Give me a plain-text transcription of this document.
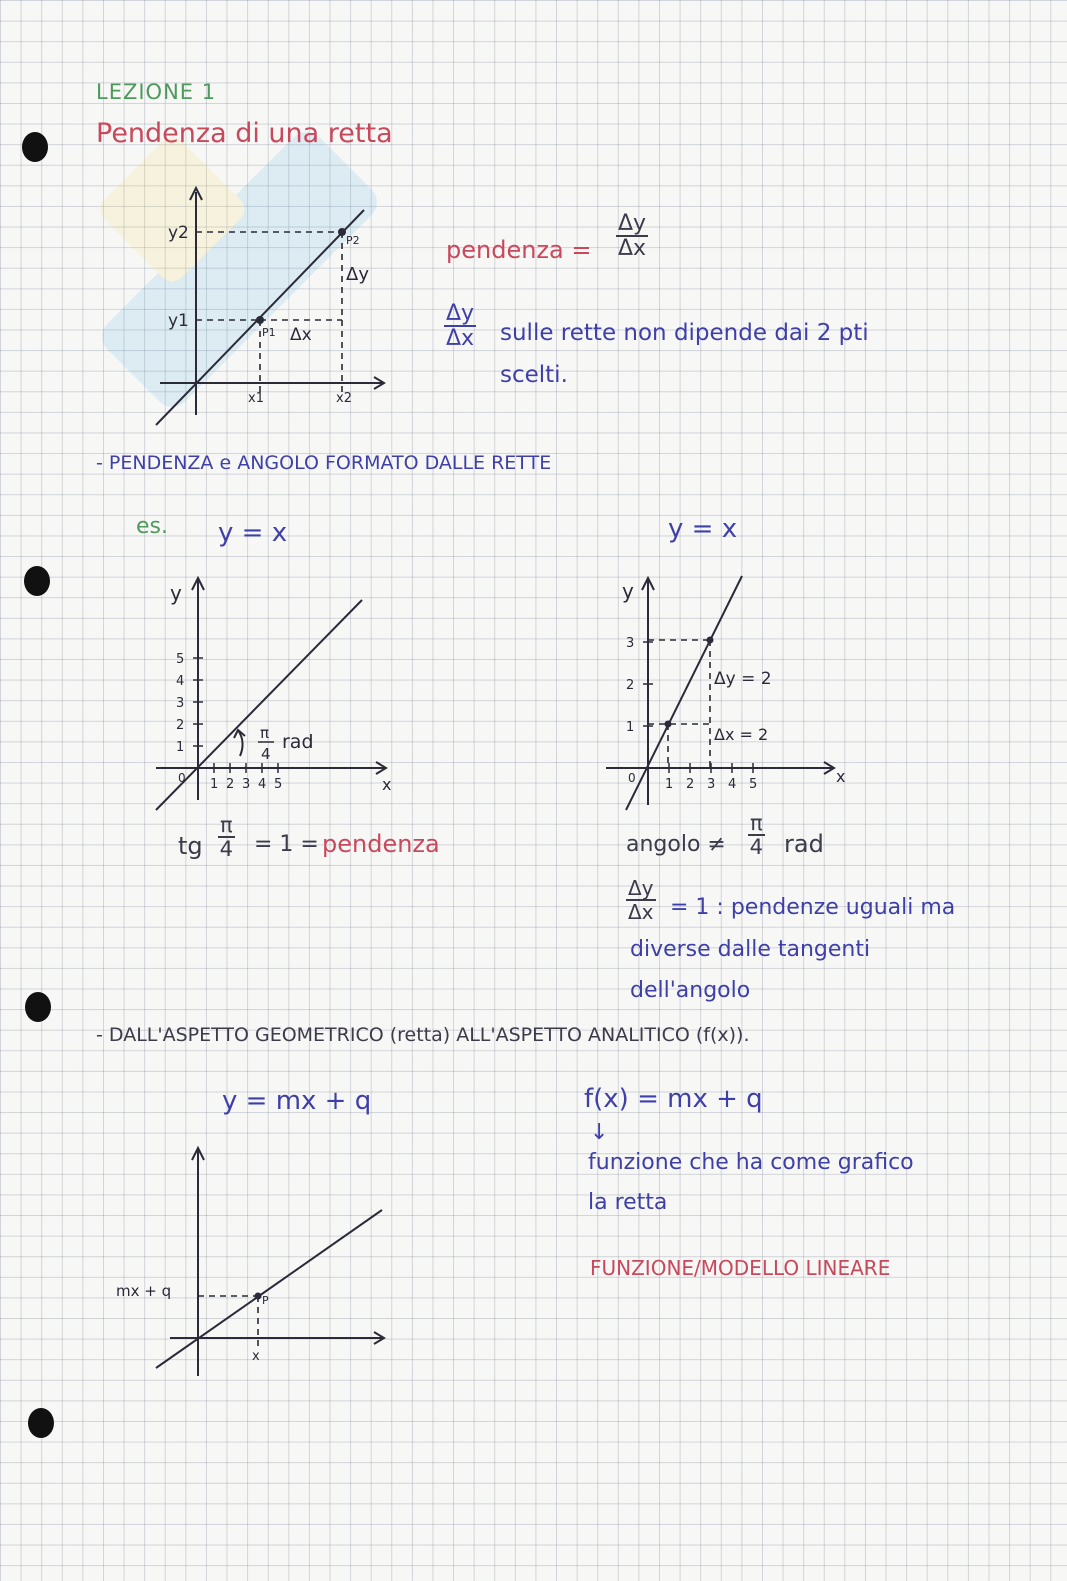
LEZIONE 1
Pendenza di una retta
y2
y1
x1	x2
P1
P2
Δy
Δx
pendenza = $\frac{\Delta y}{\Delta x}$
$\frac{\Delta y}{\Delta x}$ sulle rette non dipende dai 2 pti
scelti.
- PENDENZA e ANGOLO FORMATO DALLE RETTE
es. y = x	y = x
1
2
3
4
5
1 2 3 4 5
y
x
0
π
4
rad
tg $\frac{\pi}{4} = 1$ = pendenza
1
2
3
1 2 3 4 5
y
x
0
Δy = 2
Δx = 2
angolo ≠ $\frac{\pi}{4}$ rad
$\frac{\Delta y}{\Delta x} = 1$ : pendenze uguali ma
diverse dalle tangenti
dell'angolo
- DALL'ASPETTO GEOMETRICO (retta) ALL'ASPETTO ANALITICO (f(x)).
y = mx + q	f(x) = mx + q
↓
funzione che ha come grafico
la retta
FUNZIONE/MODELLO LINEARE
mx + q
x
P
